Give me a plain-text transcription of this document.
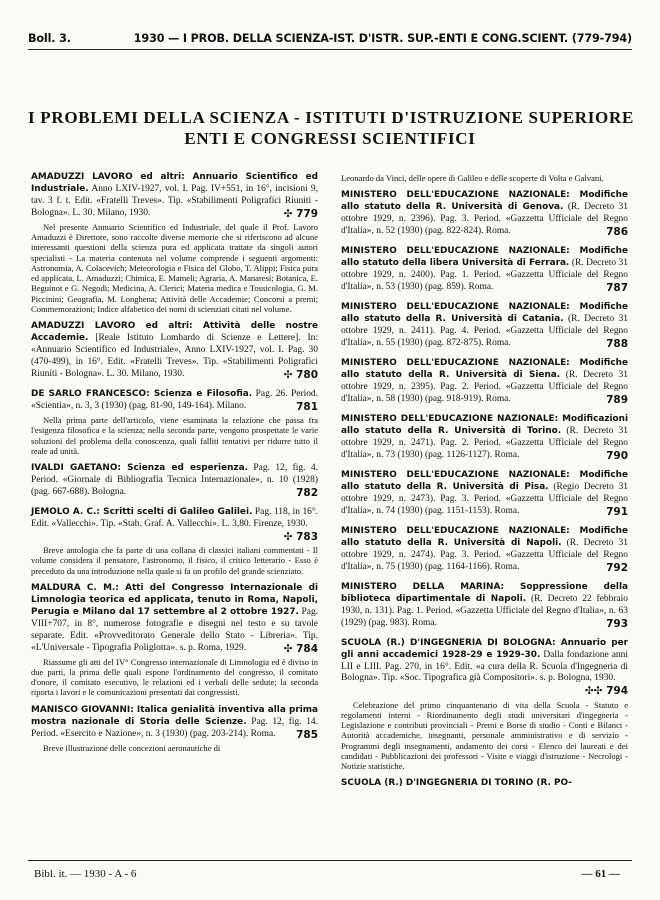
Boll. 3.	1930 — I PROB. DELLA SCIENZA-IST. D'ISTR. SUP.-ENTI E CONG.SCIENT. (779-794)
I PROBLEMI DELLA SCIENZA - ISTITUTI D'ISTRUZIONE SUPERIORE
ENTI E CONGRESSI SCIENTIFICI
AMADUZZI LAVORO ed altri: Annuario Scientifico ed Industriale. Anno LXIV-1927, vol. I. Pag. IV+551, in 16°, incisioni 9, tav. 3 f. t. Edit. «Fratelli Treves». Tip. «Stabilimenti Poligrafici Riuniti - Bologna». L. 30. Milano, 1930.	✣ 779
Nel presente Annuario Scientifico ed Industriale, del quale il Prof. Lavoro Amaduzzi è Direttore, sono raccolte diverse memorie che si riferiscono ad alcune interessanti questioni della scienza pura ed applicata trattate da singoli autori specialisti - La materia contenuta nel volume comprende i seguenti argomenti: Astronomia, A. Colacevich; Meteorologia e Fisica del Globo, T. Alippi; Fisica pura ed applicata, L. Amaduzzi; Chimica, E. Mameli; Agraria, A. Manaresi; Botanica, E. Beguinot e G. Negodi; Medicina, A. Clerici; Materia medica e Tossicologia, G. M. Piccinini; Geografia, M. Longhena; Attività delle Accademie; Concorsi a premi; Commemorazioni; Indice alfabetico dei nomi di scienziati citati nel volume.
AMADUZZI LAVORO ed altri: Attività delle nostre Accademie. [Reale Istituto Lombardo di Scienze e Lettere]. In: «Annuario Scientifico ed Industriale», Anno LXIV-1927, vol. I. Pag. 30 (470-499), in 16°. Edit. «Fratelli Treves». Tip. «Stabilimenti Poligrafici Riuniti - Bologna». L. 30. Milano, 1930.	✣ 780
DE SARLO FRANCESCO: Scienza e Filosofia. Pag. 26. Period. «Scientia», n. 3, 3 (1930) (pag. 81-90, 149-164). Milano.	781
Nella prima parte dell'articolo, viene esaminata la relazione che passa fra l'esigenza filosofica e la scienza; nella seconda parte, vengono prospettate le varie soluzioni del problema della conoscenza, quali falliti tentativi per ridurre tutto il reale ad unità.
IVALDI GAETANO: Scienza ed esperienza. Pag. 12, fig. 4. Period. «Giornale di Bibliografia Tecnica Internazionale», n. 10 (1928) (pag. 667-688). Bologna.	782
JEMOLO A. C.: Scritti scelti di Galileo Galilei. Pag. 118, in 16°. Edit. «Vallecchi». Tip. «Stab. Graf. A. Vallecchi». L. 3,80. Firenze, 1930.
✣ 783
Breve antologia che fa parte di una collana di classici italiani commentati - Il volume considera il pensatore, l'astronomo, il fisico, il critico letterario - Esso è preceduto da una introduzione nella quale si fa un profilo del grande scienziato.
MALDURA C. M.: Atti del Congresso Internazionale di Limnologia teorica ed applicata, tenuto in Roma, Napoli, Perugia e Milano dal 17 settembre al 2 ottobre 1927. Pag. VIII+707, in 8°, numerose fotografie e disegni nel testo e su tavole separate. Edit. «Provveditorato Generale dello Stato - Libreria». Tip. «L'Universale - Tipografia Poliglotta». s. p. Roma, 1929.	✣ 784
Riassume gli atti del IV° Congresso internazionale di Limnologia ed è diviso in due parti, la prima delle quali espone l'ordinamento del congresso, il comitato d'onore, il comitato esecutivo, le relazioni ed i verbali delle sedute; la seconda riporta i lavori e le comunicazioni presentati dai congressisti.
MANISCO GIOVANNI: Italica genialità inventiva alla prima mostra nazionale di Storia delle Scienze. Pag. 12, fig. 14. Period. «Esercito e Nazione», n. 3 (1930) (pag. 203-214). Roma. 785
Breve illustrazione delle concezioni aeronautiche di
Leonardo da Vinci, delle opere di Galileo e delle scoperte di Volta e Galvani.
MINISTERO DELL'EDUCAZIONE NAZIONALE: Modifiche allo statuto della R. Università di Genova. (R. Decreto 31 ottobre 1929, n. 2396). Pag. 3. Period. «Gazzetta Ufficiale del Regno d'Italia», n. 52 (1930) (pag. 822-824). Roma.	786
MINISTERO DELL'EDUCAZIONE NAZIONALE: Modifiche allo statuto della libera Università di Ferrara. (R. Decreto 31 ottobre 1929, n. 2400). Pag. 1. Period. «Gazzetta Ufficiale del Regno d'Italia», n. 53 (1930) (pag. 859). Roma.	787
MINISTERO DELL'EDUCAZIONE NAZIONALE: Modifiche allo statuto della R. Università di Catania. (R. Decreto 31 ottobre 1929, n. 2411). Pag. 4. Period. «Gazzetta Ufficiale del Regno d'Italia», n. 55 (1930) (pag. 872-875). Roma.	788
MINISTERO DELL'EDUCAZIONE NAZIONALE: Modifiche allo statuto della R. Università di Siena. (R. Decreto 31 ottobre 1929, n. 2395). Pag. 2. Period. «Gazzetta Ufficiale del Regno d'Italia», n. 58 (1930) (pag. 918-919). Roma.	789
MINISTERO DELL'EDUCAZIONE NAZIONALE: Modificazioni allo statuto della R. Università di Torino. (R. Decreto 31 ottobre 1929, n. 2471). Pag. 2. Period. «Gazzetta Ufficiale del Regno d'Italia», n. 73 (1930) (pag. 1126-1127). Roma.	790
MINISTERO DELL'EDUCAZIONE NAZIONALE: Modifiche allo statuto della R. Università di Pisa. (Regio Decreto 31 ottobre 1929, n. 2473). Pag. 3. Period. «Gazzetta Ufficiale del Regno d'Italia», n. 74 (1930) (pag. 1151-1153). Roma.	791
MINISTERO DELL'EDUCAZIONE NAZIONALE: Modifiche allo statuto della R. Università di Napoli. (R. Decreto 31 ottobre 1929, n. 2474). Pag. 3. Period. «Gazzetta Ufficiale del Regno d'Italia», n. 75 (1930) (pag. 1164-1166). Roma.	792
MINISTERO DELLA MARINA: Soppressione della biblioteca dipartimentale di Napoli. (R. Decreto 22 febbraio 1930, n. 131). Pag. 1. Period. «Gazzetta Ufficiale del Regno d'Italia», n. 63 (1929) (pag. 983). Roma.	793
SCUOLA (R.) D'INGEGNERIA DI BOLOGNA: Annuario per gli anni accademici 1928-29 e 1929-30. Dalla fondazione anni LII e LIII. Pag. 270, in 16°. Edit. «a cura della R. Scuola d'Ingegneria di Bologna». Tip. «Soc. Tipografica già Compositori». s. p. Bologna, 1930.
✣✣ 794
Celebrazione del primo cinquantenario di vita della Scuola - Statuto e regolamenti interni - Riordinamento degli studi universitari d'ingegneria - Legislazione e contributi provinciali - Premi e Borse di studio - Conti e Bilanci - Autorità accademiche, insegnanti, personale amministrativo e di servizio - Programmi degli insegnamenti, andamento dei corsi - Elenco dei laureati e dei candidati - Pubblicazioni dei professori - Visite e viaggi d'istruzione - Necrologi - Notizie statistiche.
SCUOLA (R.) D'INGEGNERIA DI TORINO (R. PO-
Bibl. it. — 1930 - A - 6	— 61 —
